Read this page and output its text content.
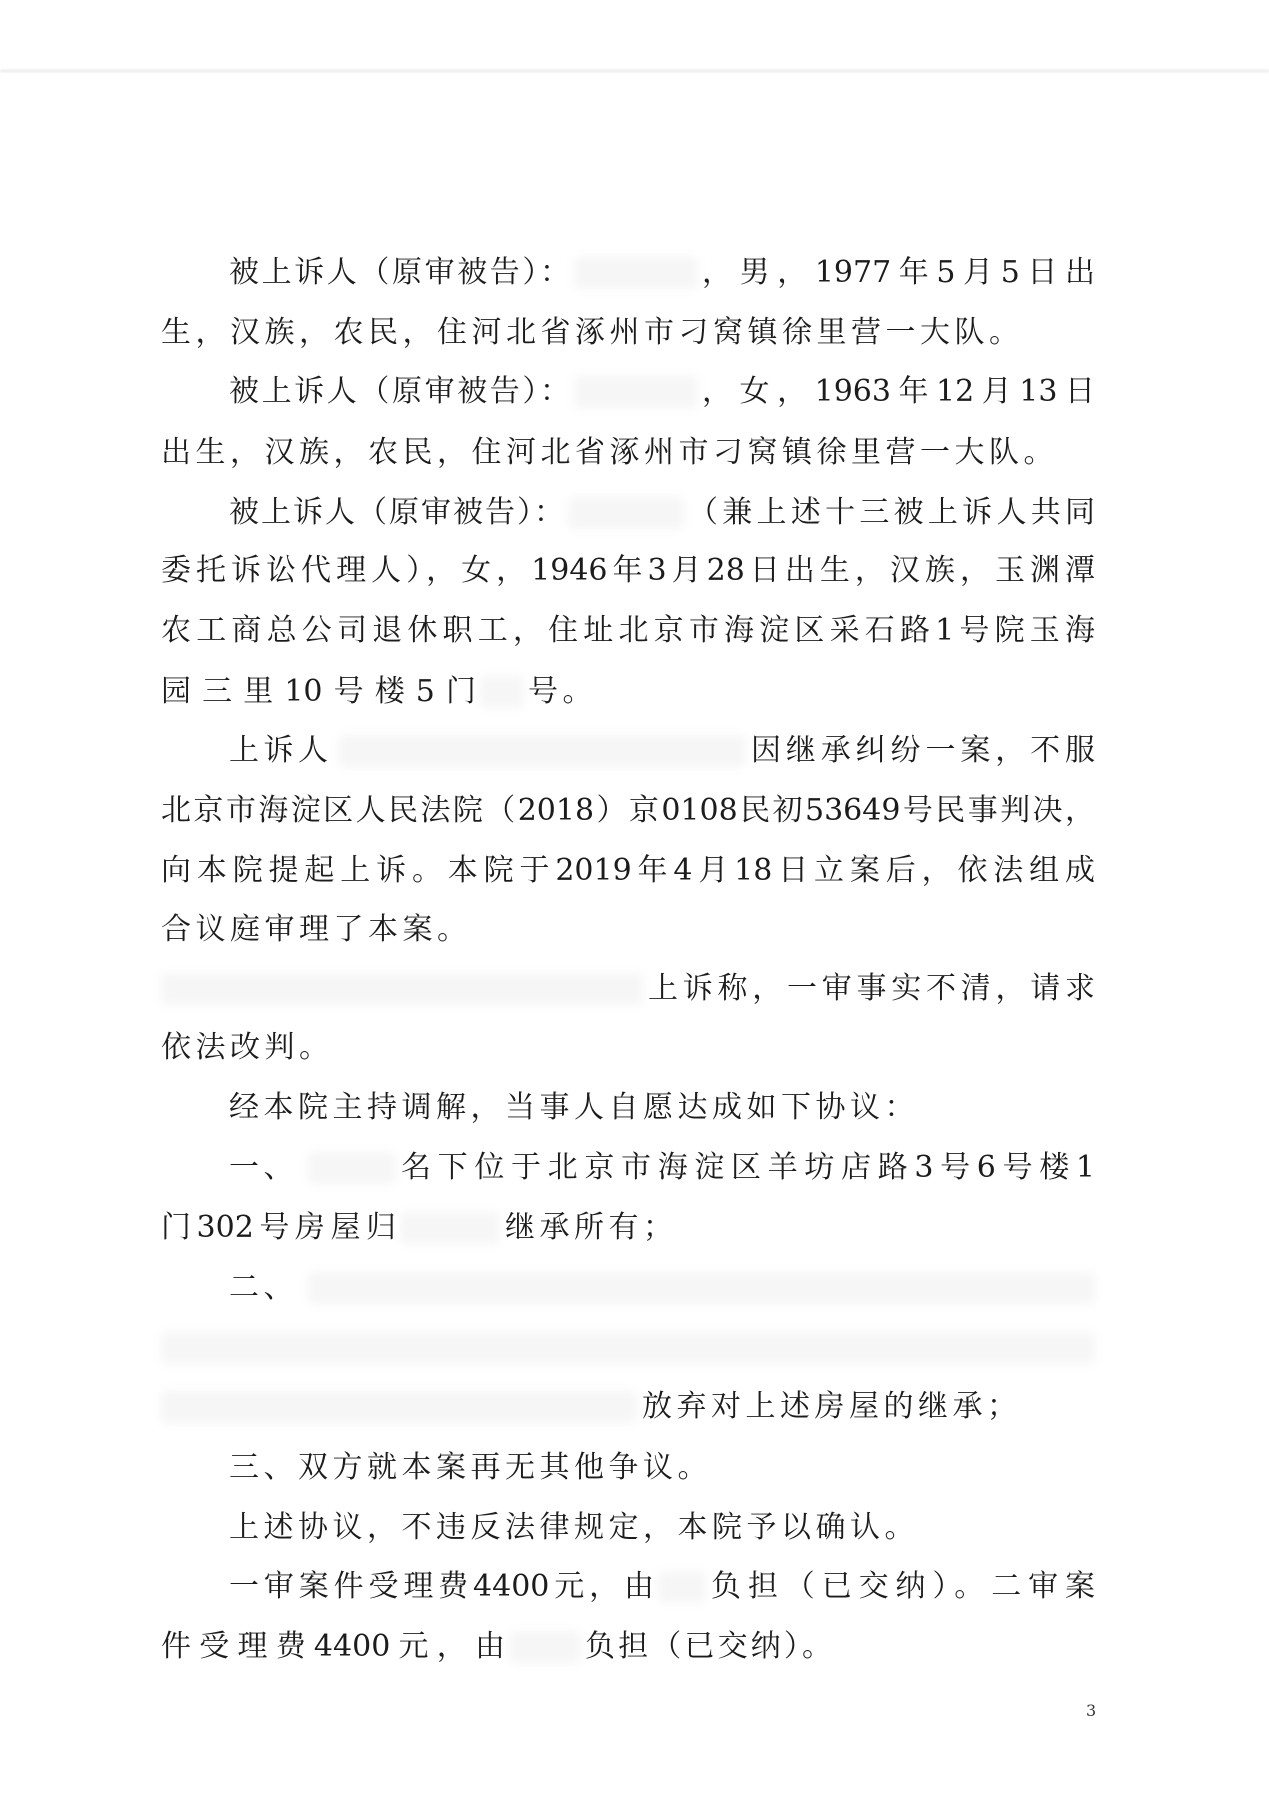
被上诉人（原审被告）：	，男，1977年5月5日出
生，汉族，农民，住河北省涿州市刁窝镇徐里营一大队。
被上诉人（原审被告）：	，女，1963年12月13日
出生，汉族，农民，住河北省涿州市刁窝镇徐里营一大队。
被上诉人（原审被告）：	（兼上述十三被上诉人共同
委托诉讼代理人），女，1946年3月28日出生，汉族，玉渊潭
农工商总公司退休职工，住址北京市海淀区采石路1号院玉海
园三里10号楼5门 号。
上诉人	因继承纠纷一案，不服
北京市海淀区人民法院（2018）京0108民初53649号民事判决，
向本院提起上诉。本院于2019年4月18日立案后，依法组成
合议庭审理了本案。
上诉称，一审事实不清，请求
依法改判。
经本院主持调解，当事人自愿达成如下协议：
一、	名下位于北京市海淀区羊坊店路3号6号楼1
门302号房屋归	继承所有；
二、
放弃对上述房屋的继承；
三、双方就本案再无其他争议。
上述协议，不违反法律规定，本院予以确认。
一审案件受理费4400元，由 负担（已交纳）。二审案
件受理费4400元，由	负担（已交纳）。
3
